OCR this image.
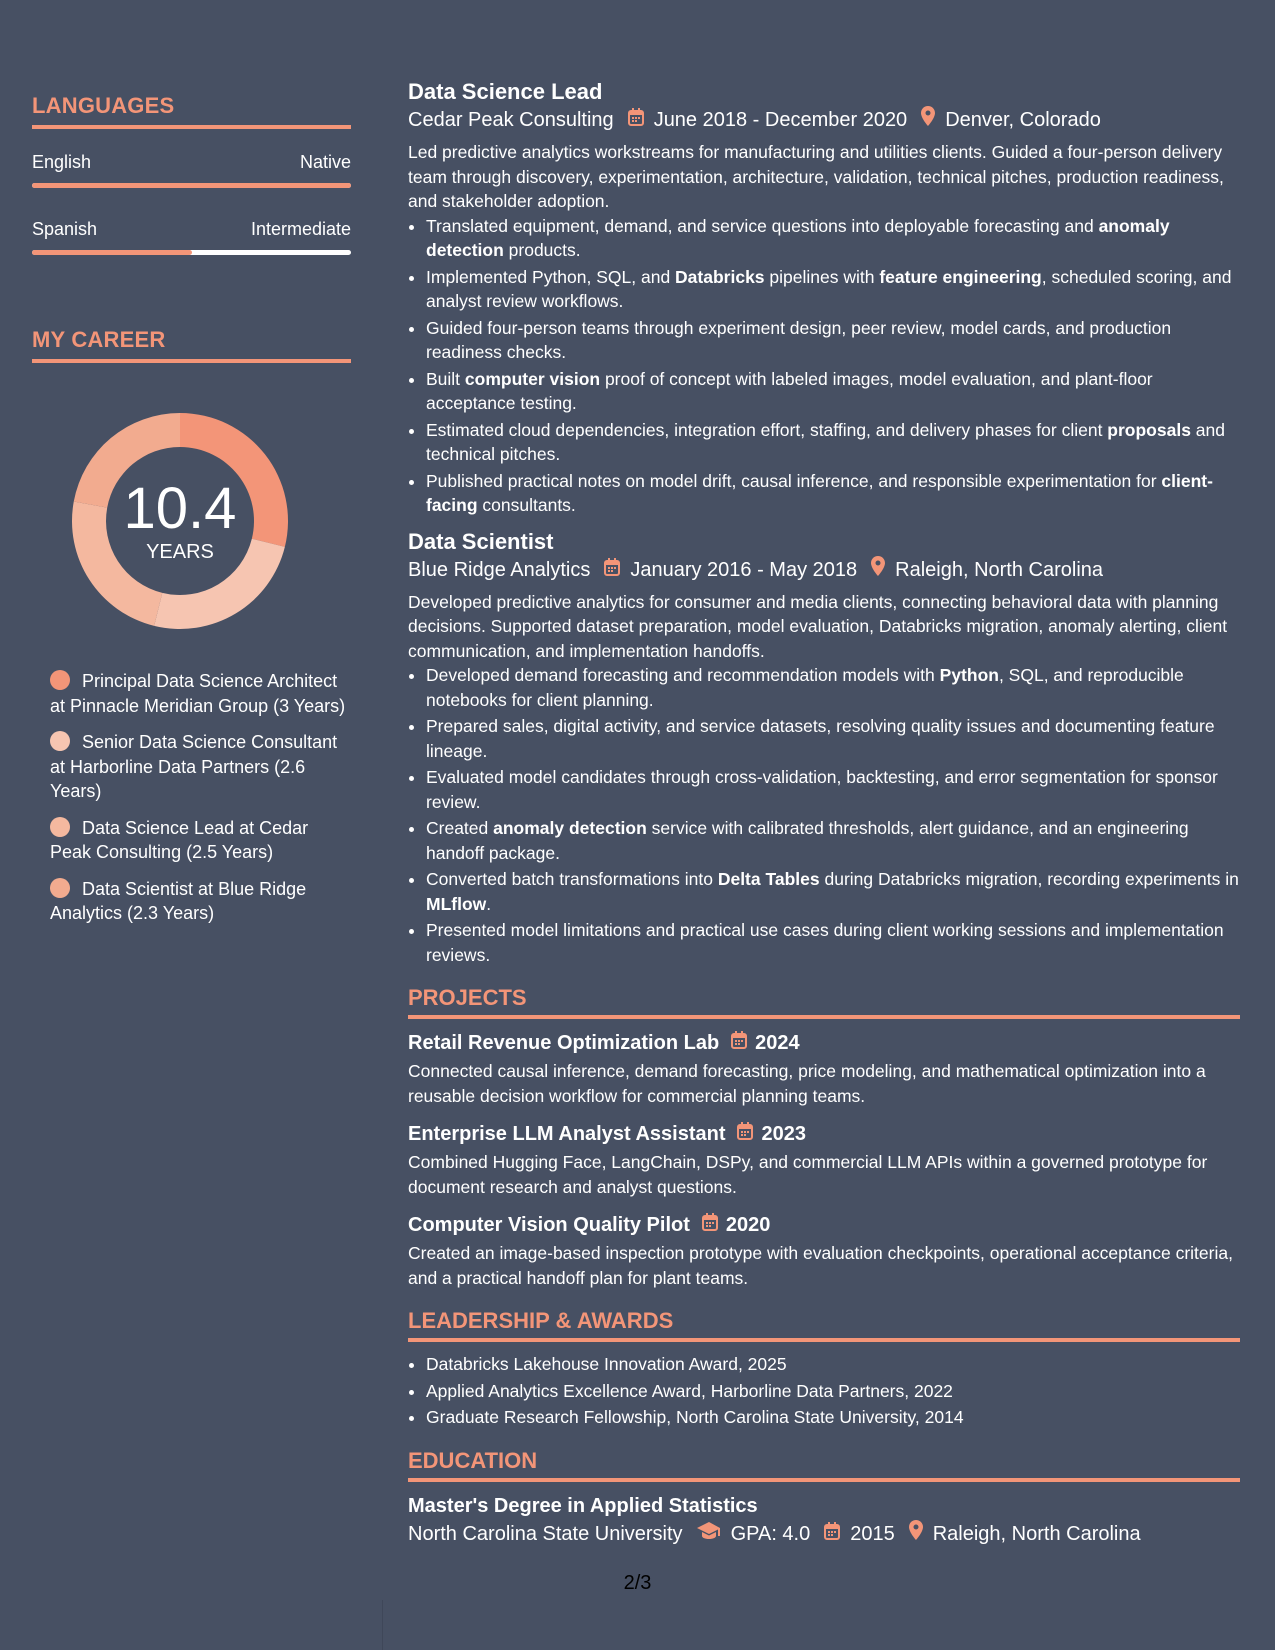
LANGUAGES
English	Native
Spanish	Intermediate
MY CAREER
10.4
YEARS
Principal Data Science Architect at Pinnacle Meridian Group (3 Years)
Senior Data Science Consultant at Harborline Data Partners (2.6 Years)
Data Science Lead at Cedar Peak Consulting (2.5 Years)
Data Scientist at Blue Ridge Analytics (2.3 Years)
Data Science Lead
Cedar Peak Consulting June 2018 - December 2020 Denver, Colorado
Led predictive analytics workstreams for manufacturing and utilities clients. Guided a four-person delivery team through discovery, experimentation, architecture, validation, technical pitches, production readiness, and stakeholder adoption.
• Translated equipment, demand, and service questions into deployable forecasting and anomaly detection products.
• Implemented Python, SQL, and Databricks pipelines with feature engineering, scheduled scoring, and analyst review workflows.
• Guided four-person teams through experiment design, peer review, model cards, and production readiness checks.
• Built computer vision proof of concept with labeled images, model evaluation, and plant-floor acceptance testing.
• Estimated cloud dependencies, integration effort, staffing, and delivery phases for client proposals and technical pitches.
• Published practical notes on model drift, causal inference, and responsible experimentation for client-facing consultants.
Data Scientist
Blue Ridge Analytics January 2016 - May 2018 Raleigh, North Carolina
Developed predictive analytics for consumer and media clients, connecting behavioral data with planning decisions. Supported dataset preparation, model evaluation, Databricks migration, anomaly alerting, client communication, and implementation handoffs.
• Developed demand forecasting and recommendation models with Python, SQL, and reproducible notebooks for client planning.
• Prepared sales, digital activity, and service datasets, resolving quality issues and documenting feature lineage.
• Evaluated model candidates through cross-validation, backtesting, and error segmentation for sponsor review.
• Created anomaly detection service with calibrated thresholds, alert guidance, and an engineering handoff package.
• Converted batch transformations into Delta Tables during Databricks migration, recording experiments in MLflow.
• Presented model limitations and practical use cases during client working sessions and implementation reviews.
PROJECTS
Retail Revenue Optimization Lab 2024
Connected causal inference, demand forecasting, price modeling, and mathematical optimization into a reusable decision workflow for commercial planning teams.
Enterprise LLM Analyst Assistant 2023
Combined Hugging Face, LangChain, DSPy, and commercial LLM APIs within a governed prototype for document research and analyst questions.
Computer Vision Quality Pilot 2020
Created an image-based inspection prototype with evaluation checkpoints, operational acceptance criteria, and a practical handoff plan for plant teams.
LEADERSHIP & AWARDS
• Databricks Lakehouse Innovation Award, 2025
• Applied Analytics Excellence Award, Harborline Data Partners, 2022
• Graduate Research Fellowship, North Carolina State University, 2014
EDUCATION
Master's Degree in Applied Statistics
North Carolina State University GPA: 4.0 2015 Raleigh, North Carolina
2/3
